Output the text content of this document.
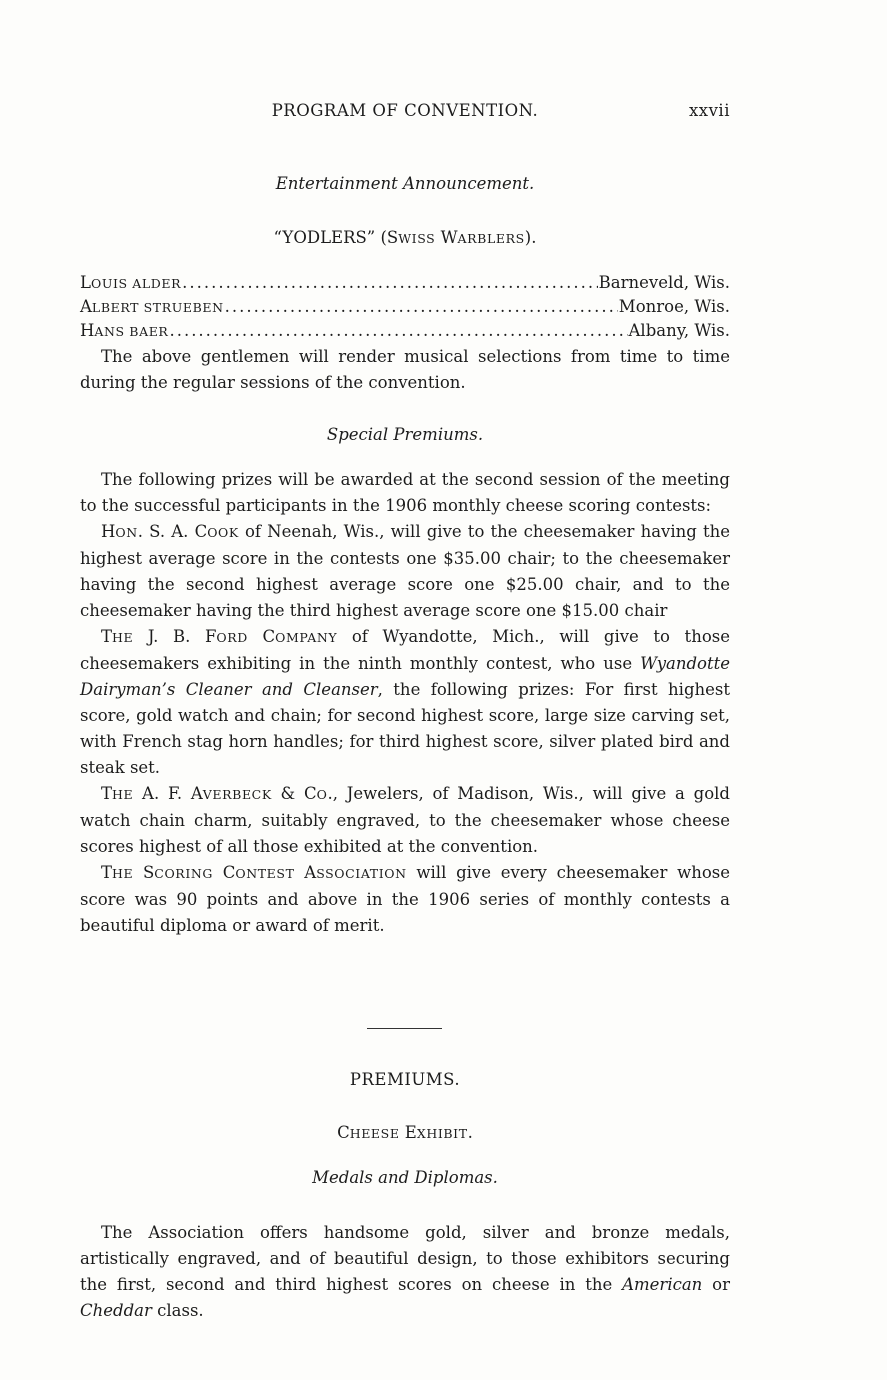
PROGRAM OF CONVENTION.	xxvii
Entertainment Announcement.
“YODLERS” (SWISS WARBLERS).
LOUIS ALDER .....	Barneveld, Wis.
ALBERT STRUEBEN .....	Monroe, Wis.
HANS BAER .....	Albany, Wis.

The above gentlemen will render musical selections from time to time during the regular sessions of the convention.

Special Premiums.

The following prizes will be awarded at the second session of the meeting to the successful participants in the 1906 monthly cheese scoring contests:

HON. S. A. COOK of Neenah, Wis., will give to the cheesemaker having the highest average score in the contests one $35.00 chair; to the cheesemaker having the second highest average score one $25.00 chair, and to the cheesemaker having the third highest average score one $15.00 chair

THE J. B. FORD COMPANY of Wyandotte, Mich., will give to those cheesemakers exhibiting in the ninth monthly contest, who use Wyandotte Dairyman’s Cleaner and Cleanser, the following prizes: For first highest score, gold watch and chain; for second highest score, large size carving set, with French stag horn handles; for third highest score, silver plated bird and steak set.

THE A. F. AVERBECK & CO., Jewelers, of Madison, Wis., will give a gold watch chain charm, suitably engraved, to the cheesemaker whose cheese scores highest of all those exhibited at the convention.

THE SCORING CONTEST ASSOCIATION will give every cheesemaker whose score was 90 points and above in the 1906 series of monthly contests a beautiful diploma or award of merit.

PREMIUMS.
CHEESE EXHIBIT.
Medals and Diplomas.

The Association offers handsome gold, silver and bronze medals, artistically engraved, and of beautiful design, to those exhibitors securing the first, second and third highest scores on cheese in the American or Cheddar class.
